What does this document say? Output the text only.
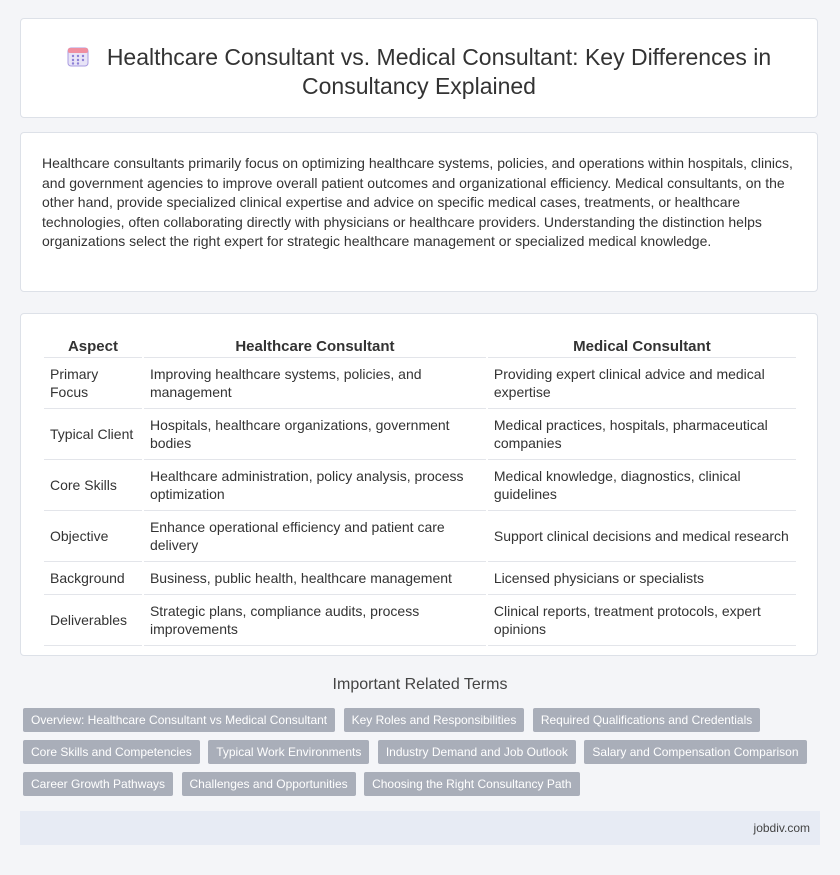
Healthcare Consultant vs. Medical Consultant: Key Differences in Consultancy Explained
Healthcare consultants primarily focus on optimizing healthcare systems, policies, and operations within hospitals, clinics, and government agencies to improve overall patient outcomes and organizational efficiency. Medical consultants, on the other hand, provide specialized clinical expertise and advice on specific medical cases, treatments, or healthcare technologies, often collaborating directly with physicians or healthcare providers. Understanding the distinction helps organizations select the right expert for strategic healthcare management or specialized medical knowledge.
Aspect	Healthcare Consultant	Medical Consultant
Primary Focus	Improving healthcare systems, policies, and management	Providing expert clinical advice and medical expertise
Typical Client	Hospitals, healthcare organizations, government bodies	Medical practices, hospitals, pharmaceutical companies
Core Skills	Healthcare administration, policy analysis, process optimization	Medical knowledge, diagnostics, clinical guidelines
Objective	Enhance operational efficiency and patient care delivery	Support clinical decisions and medical research
Background	Business, public health, healthcare management	Licensed physicians or specialists
Deliverables	Strategic plans, compliance audits, process improvements	Clinical reports, treatment protocols, expert opinions
Important Related Terms
Overview: Healthcare Consultant vs Medical Consultant Key Roles and Responsibilities Required Qualifications and Credentials Core Skills and Competencies Typical Work Environments Industry Demand and Job Outlook Salary and Compensation Comparison Career Growth Pathways Challenges and Opportunities Choosing the Right Consultancy Path
jobdiv.com
